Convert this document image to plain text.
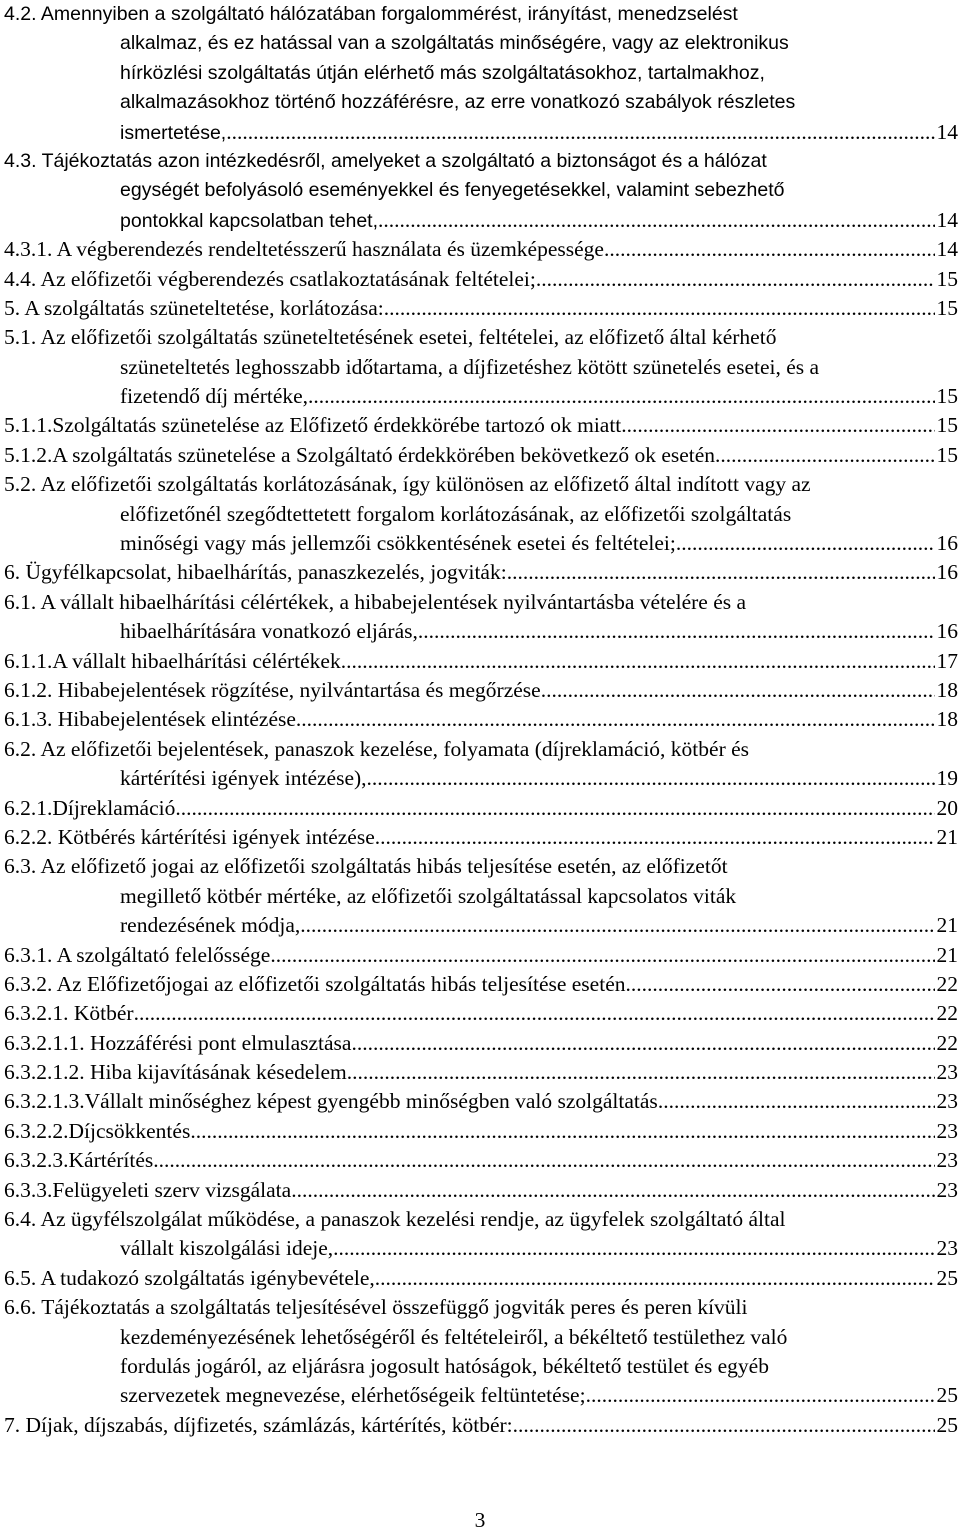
4.2. Amennyiben a szolgáltató hálózatában forgalommérést, irányítást, menedzselést
alkalmaz, és ez hatással van a szolgáltatás minőségére, vagy az elektronikus
hírközlési szolgáltatás útján elérhető más szolgáltatásokhoz, tartalmakhoz,
alkalmazásokhoz történő hozzáférésre, az erre vonatkozó szabályok részletes
ismertetése, .....	14
4.3. Tájékoztatás azon intézkedésről, amelyeket a szolgáltató a biztonságot és a hálózat
egységét befolyásoló eseményekkel és fenyegetésekkel, valamint sebezhető
pontokkal kapcsolatban tehet, .....	14
4.3.1. A végberendezés rendeltetésszerű használata és üzemképessége .....	14
4.4. Az előfizetői végberendezés csatlakoztatásának feltételei; .....	15
5. A szolgáltatás szüneteltetése, korlátozása: .....	15
5.1. Az előfizetői szolgáltatás szüneteltetésének esetei, feltételei, az előfizető által kérhető
szüneteltetés leghosszabb időtartama, a díjfizetéshez kötött szünetelés esetei, és a
fizetendő díj mértéke, .....	15
5.1.1.Szolgáltatás szünetelése az Előfizető érdekkörébe tartozó ok miatt .....	15
5.1.2.A szolgáltatás szünetelése a Szolgáltató érdekkörében bekövetkező ok esetén .....	15
5.2. Az előfizetői szolgáltatás korlátozásának, így különösen az előfizető által indított vagy az
előfizetőnél szegődtettetett forgalom korlátozásának, az előfizetői szolgáltatás
minőségi vagy más jellemzői csökkentésének esetei és feltételei; .....	16
6. Ügyfélkapcsolat, hibaelhárítás, panaszkezelés, jogviták: .....	16
6.1. A vállalt hibaelhárítási célértékek, a hibabejelentések nyilvántartásba vételére és a
hibaelhárítására vonatkozó eljárás, .....	16
6.1.1.A vállalt hibaelhárítási célértékek .....	17
6.1.2. Hibabejelentések rögzítése, nyilvántartása és megőrzése .....	18
6.1.3. Hibabejelentések elintézése .....	18
6.2. Az előfizetői bejelentések, panaszok kezelése, folyamata (díjreklamáció, kötbér és
kártérítési igények intézése), .....	19
6.2.1.Díjreklamáció .....	20
6.2.2. Kötbérés kártérítési igények intézése .....	21
6.3. Az előfizető jogai az előfizetői szolgáltatás hibás teljesítése esetén, az előfizetőt
megillető kötbér mértéke, az előfizetői szolgáltatással kapcsolatos viták
rendezésének módja, .....	21
6.3.1. A szolgáltató felelőssége .....	21
6.3.2. Az Előfizetőjogai az előfizetői szolgáltatás hibás teljesítése esetén .....	22
6.3.2.1. Kötbér .....	22
6.3.2.1.1. Hozzáférési pont elmulasztása .....	22
6.3.2.1.2. Hiba kijavításának késedelem .....	23
6.3.2.1.3.Vállalt minőséghez képest gyengébb minőségben való szolgáltatás .....	23
6.3.2.2.Díjcsökkentés .....	23
6.3.2.3.Kártérítés .....	23
6.3.3.Felügyeleti szerv vizsgálata .....	23
6.4. Az ügyfélszolgálat működése, a panaszok kezelési rendje, az ügyfelek szolgáltató által
vállalt kiszolgálási ideje, .....	23
6.5. A tudakozó szolgáltatás igénybevétele, .....	25
6.6. Tájékoztatás a szolgáltatás teljesítésével összefüggő jogviták peres és peren kívüli
kezdeményezésének lehetőségéről és feltételeiről, a békéltető testülethez való
fordulás jogáról, az eljárásra jogosult hatóságok, békéltető testület és egyéb
szervezetek megnevezése, elérhetőségeik feltüntetése; .....	25
7. Díjak, díjszabás, díjfizetés, számlázás, kártérítés, kötbér: .....	25
3
